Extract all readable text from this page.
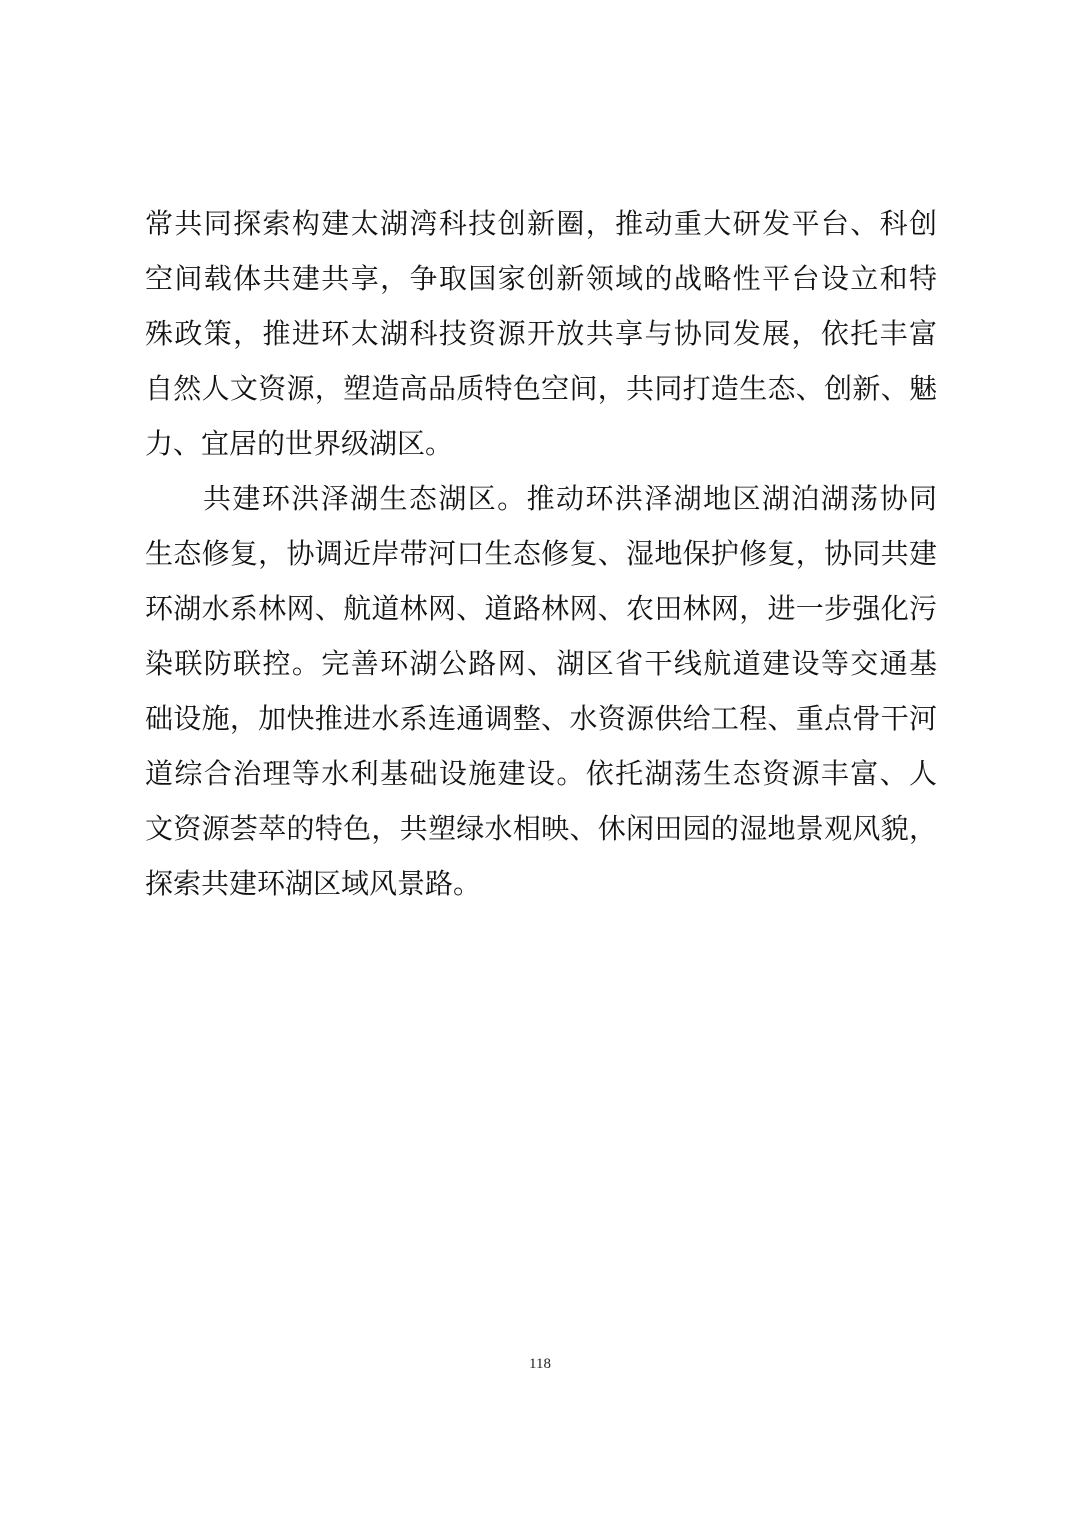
常共同探索构建太湖湾科技创新圈，推动重大研发平台、科创
空间载体共建共享，争取国家创新领域的战略性平台设立和特
殊政策，推进环太湖科技资源开放共享与协同发展，依托丰富
自然人文资源，塑造高品质特色空间，共同打造生态、创新、魅
力、宜居的世界级湖区。
共建环洪泽湖生态湖区。推动环洪泽湖地区湖泊湖荡协同
生态修复，协调近岸带河口生态修复、湿地保护修复，协同共建
环湖水系林网、航道林网、道路林网、农田林网，进一步强化污
染联防联控。完善环湖公路网、湖区省干线航道建设等交通基
础设施，加快推进水系连通调整、水资源供给工程、重点骨干河
道综合治理等水利基础设施建设。依托湖荡生态资源丰富、人
文资源荟萃的特色，共塑绿水相映、休闲田园的湿地景观风貌，
探索共建环湖区域风景路。
118
